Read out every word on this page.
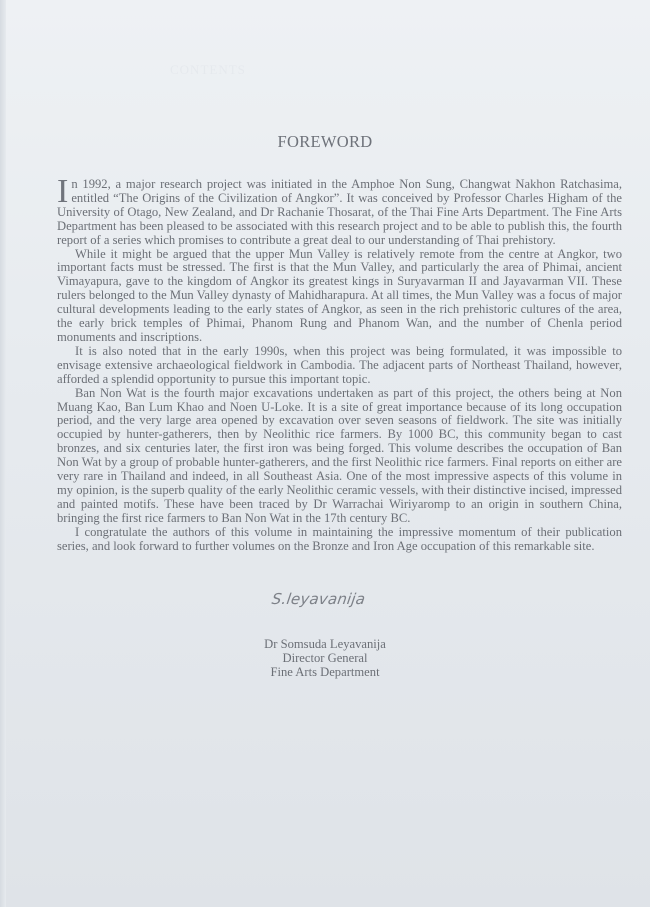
CONTENTS
FOREWORD

In 1992, a major research project was initiated in the Amphoe Non Sung, Changwat Nakhon Ratchasima, entitled “The Origins of the Civilization of Angkor”. It was conceived by Professor Charles Higham of the University of Otago, New Zealand, and Dr Rachanie Thosarat, of the Thai Fine Arts Department. The Fine Arts Department has been pleased to be associated with this research project and to be able to publish this, the fourth report of a series which promises to contribute a great deal to our understanding of Thai prehistory.

While it might be argued that the upper Mun Valley is relatively remote from the centre at Angkor, two important facts must be stressed. The first is that the Mun Valley, and particularly the area of Phimai, ancient Vimayapura, gave to the kingdom of Angkor its greatest kings in Suryavarman II and Jayavarman VII. These rulers belonged to the Mun Valley dynasty of Mahidharapura. At all times, the Mun Valley was a focus of major cultural developments leading to the early states of Angkor, as seen in the rich prehistoric cultures of the area, the early brick temples of Phimai, Phanom Rung and Phanom Wan, and the number of Chenla period monuments and inscriptions.

It is also noted that in the early 1990s, when this project was being formulated, it was impossible to envisage extensive archaeological fieldwork in Cambodia. The adjacent parts of Northeast Thailand, however, afforded a splendid opportunity to pursue this important topic.

Ban Non Wat is the fourth major excavations undertaken as part of this project, the others being at Non Muang Kao, Ban Lum Khao and Noen U-Loke. It is a site of great importance because of its long occupation period, and the very large area opened by excavation over seven seasons of fieldwork. The site was initially occupied by hunter-gatherers, then by Neolithic rice farmers. By 1000 BC, this community began to cast bronzes, and six centuries later, the first iron was being forged. This volume describes the occupation of Ban Non Wat by a group of probable hunter-gatherers, and the first Neolithic rice farmers. Final reports on either are very rare in Thailand and indeed, in all Southeast Asia. One of the most impressive aspects of this volume in my opinion, is the superb quality of the early Neolithic ceramic vessels, with their distinctive incised, impressed and painted motifs. These have been traced by Dr Warrachai Wiriyaromp to an origin in southern China, bringing the first rice farmers to Ban Non Wat in the 17th century BC.

I congratulate the authors of this volume in maintaining the impressive momentum of their publication series, and look forward to further volumes on the Bronze and Iron Age occupation of this remarkable site.

S.leyavanija
Dr Somsuda Leyavanija
Director General
Fine Arts Department
